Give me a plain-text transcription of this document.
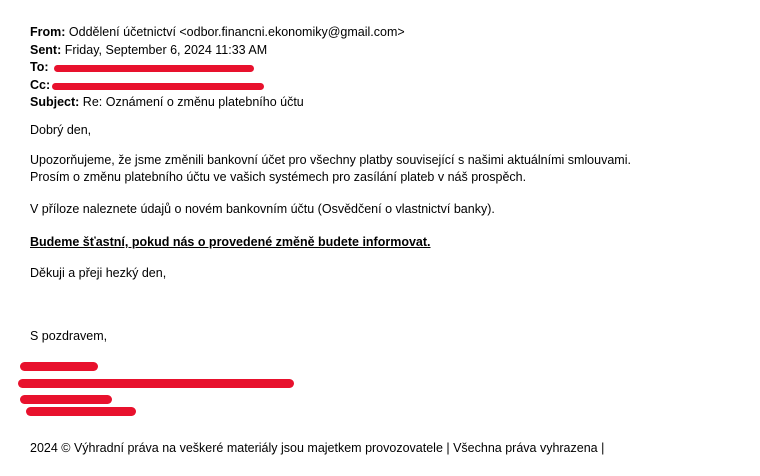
From: Oddělení účetnictví <odbor.financni.ekonomiky@gmail.com>
Sent: Friday, September 6, 2024 11:33 AM
To:
Cc:
Subject: Re: Oznámení o změnu platebního účtu

Dobrý den,

Upozorňujeme, že jsme změnili bankovní účet pro všechny platby související s našimi aktuálními smlouvami.

Prosím o změnu platebního účtu ve vašich systémech pro zasílání plateb v náš prospěch.

V příloze naleznete údajů o novém bankovním účtu (Osvědčení o vlastnictví banky).

Budeme šťastní, pokud nás o provedené změně budete informovat.

Děkuji a přeji hezký den,

S pozdravem,

2024 © Výhradní práva na veškeré materiály jsou majetkem provozovatele | Všechna práva vyhrazena |
